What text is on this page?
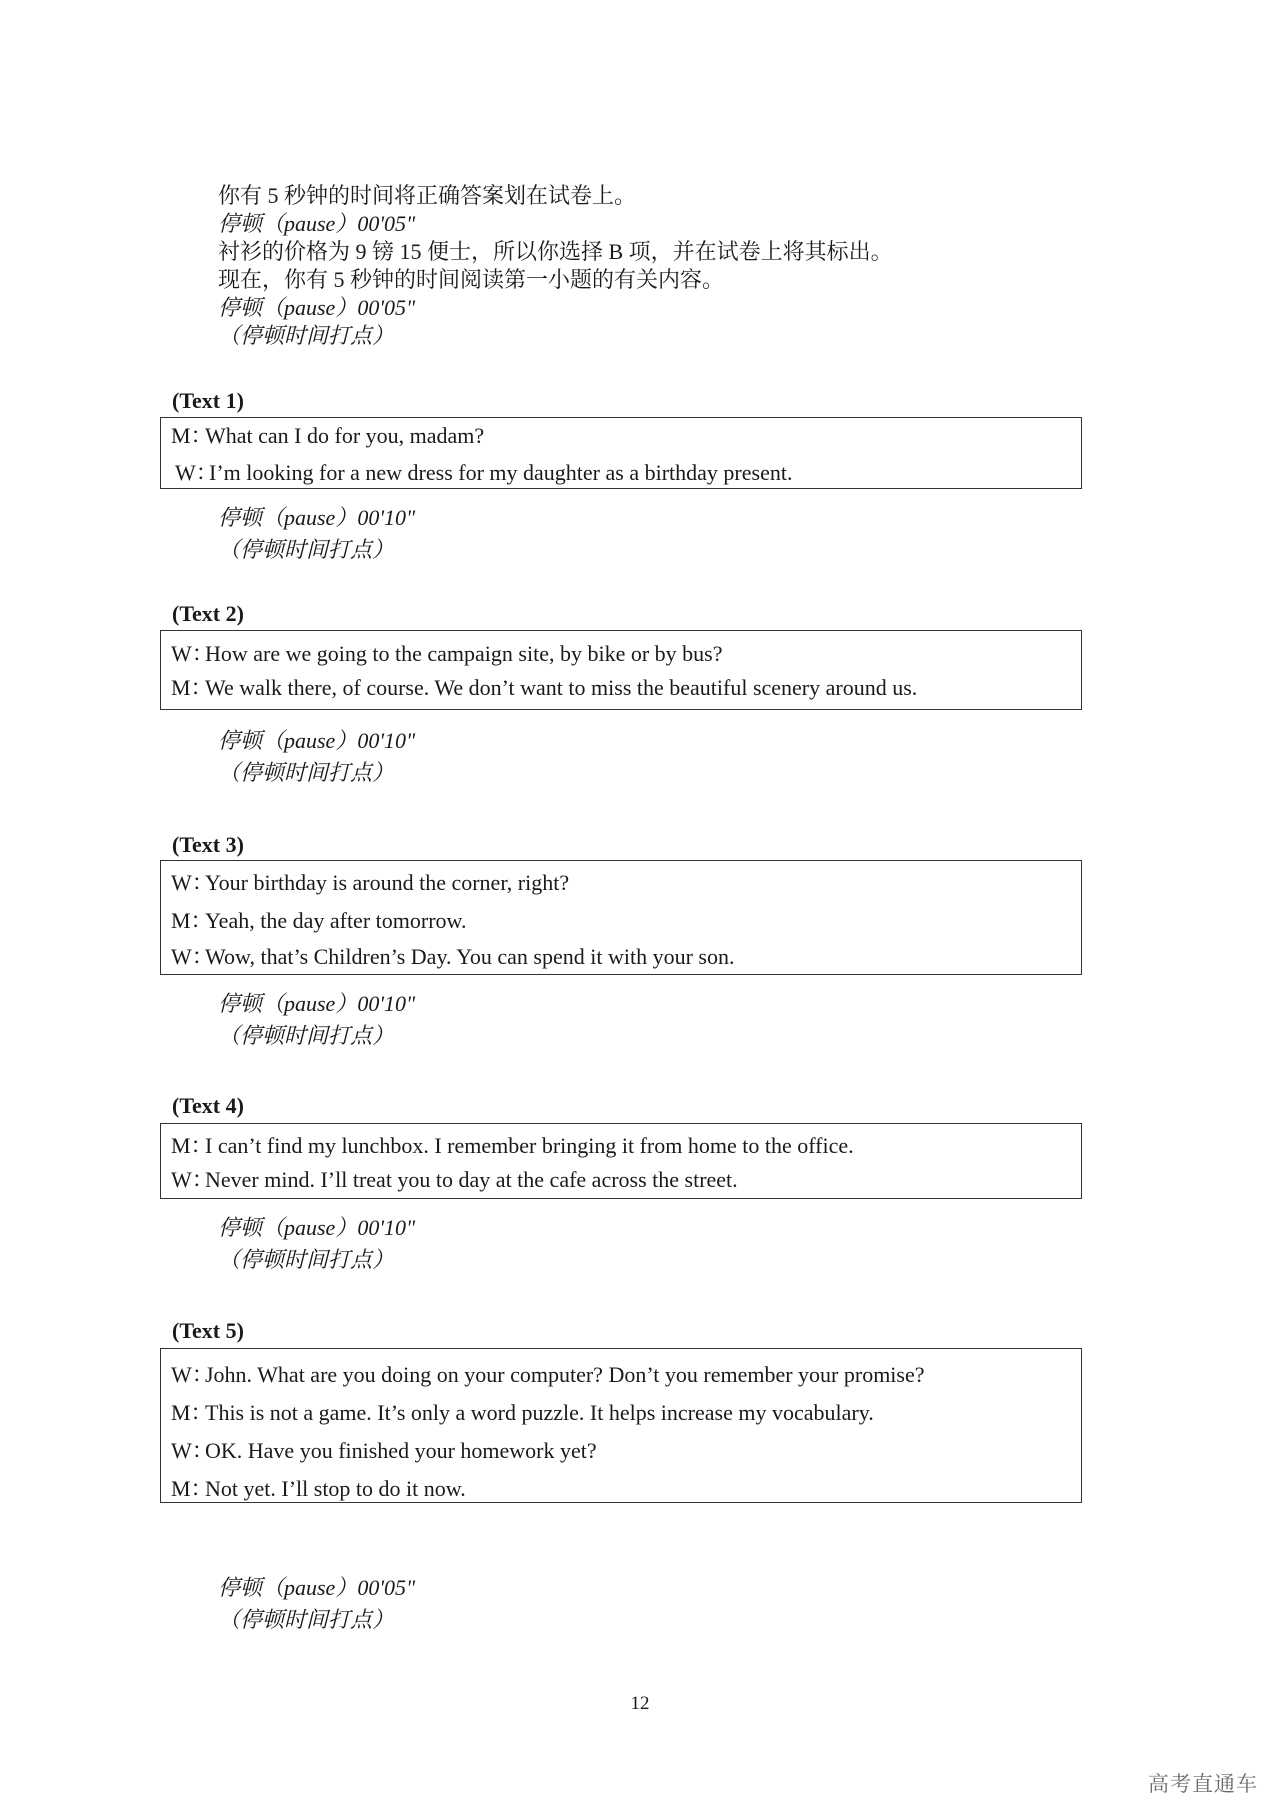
你有 5 秒钟的时间将正确答案划在试卷上。
停顿（pause）00'05"
衬衫的价格为 9 镑 15 便士，所以你选择 B 项，并在试卷上将其标出。
现在，你有 5 秒钟的时间阅读第一小题的有关内容。
停顿（pause）00'05"
（停顿时间打点）
(Text 1)
M：What can I do for you, madam?
W：I’m looking for a new dress for my daughter as a birthday present.
停顿（pause）00'10"
（停顿时间打点）
(Text 2)
W：How are we going to the campaign site, by bike or by bus?
M：We walk there, of course. We don’t want to miss the beautiful scenery around us.
停顿（pause）00'10"
（停顿时间打点）
(Text 3)
W：Your birthday is around the corner, right?
M：Yeah, the day after tomorrow.
W：Wow, that’s Children’s Day. You can spend it with your son.
停顿（pause）00'10"
（停顿时间打点）
(Text 4)
M：I can’t find my lunchbox. I remember bringing it from home to the office.
W：Never mind. I’ll treat you to day at the cafe across the street.
停顿（pause）00'10"
（停顿时间打点）
(Text 5)
W：John. What are you doing on your computer? Don’t you remember your promise?
M：This is not a game. It’s only a word puzzle. It helps increase my vocabulary.
W：OK. Have you finished your homework yet?
M：Not yet. I’ll stop to do it now.
停顿（pause）00'05"
（停顿时间打点）
12
高考直通车
